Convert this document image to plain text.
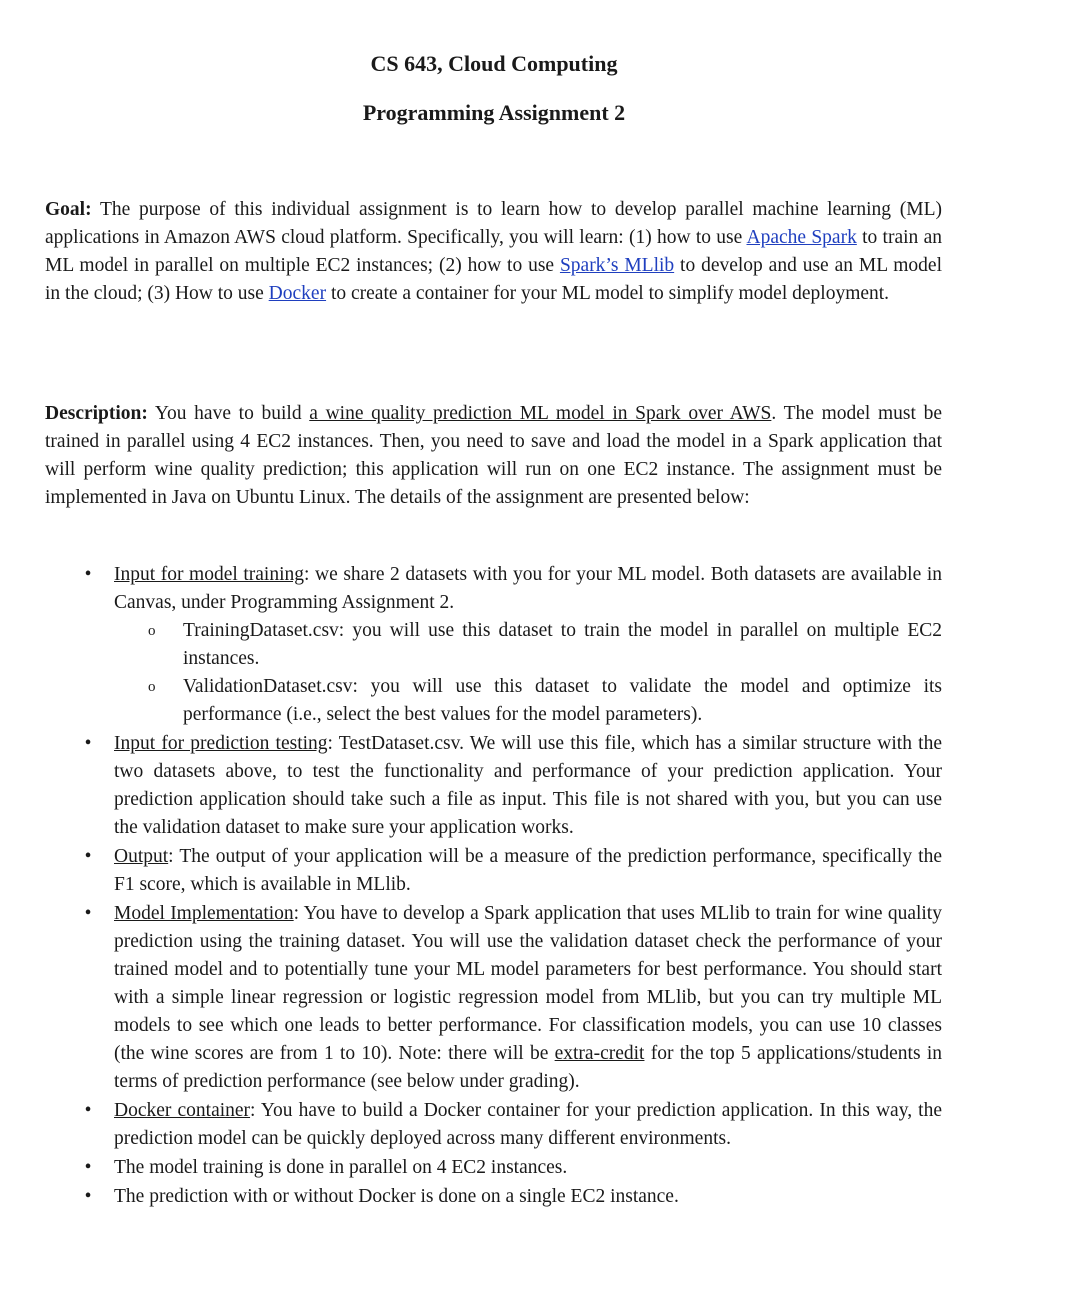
CS 643, Cloud Computing
Programming Assignment 2
Goal: The purpose of this individual assignment is to learn how to develop parallel machine learning (ML) applications in Amazon AWS cloud platform. Specifically, you will learn: (1) how to use Apache Spark to train an ML model in parallel on multiple EC2 instances; (2) how to use Spark’s MLlib to develop and use an ML model in the cloud; (3) How to use Docker to create a container for your ML model to simplify model deployment.
Description: You have to build a wine quality prediction ML model in Spark over AWS. The model must be trained in parallel using 4 EC2 instances. Then, you need to save and load the model in a Spark application that will perform wine quality prediction; this application will run on one EC2 instance. The assignment must be implemented in Java on Ubuntu Linux. The details of the assignment are presented below:
• Input for model training: we share 2 datasets with you for your ML model. Both datasets are available in Canvas, under Programming Assignment 2.
o TrainingDataset.csv: you will use this dataset to train the model in parallel on multiple EC2 instances.
o ValidationDataset.csv: you will use this dataset to validate the model and optimize its performance (i.e., select the best values for the model parameters).
• Input for prediction testing: TestDataset.csv. We will use this file, which has a similar structure with the two datasets above, to test the functionality and performance of your prediction application. Your prediction application should take such a file as input. This file is not shared with you, but you can use the validation dataset to make sure your application works.
• Output: The output of your application will be a measure of the prediction performance, specifically the F1 score, which is available in MLlib.
• Model Implementation: You have to develop a Spark application that uses MLlib to train for wine quality prediction using the training dataset. You will use the validation dataset check the performance of your trained model and to potentially tune your ML model parameters for best performance. You should start with a simple linear regression or logistic regression model from MLlib, but you can try multiple ML models to see which one leads to better performance. For classification models, you can use 10 classes (the wine scores are from 1 to 10). Note: there will be extra-credit for the top 5 applications/students in terms of prediction performance (see below under grading).
• Docker container: You have to build a Docker container for your prediction application. In this way, the prediction model can be quickly deployed across many different environments.
• The model training is done in parallel on 4 EC2 instances.
• The prediction with or without Docker is done on a single EC2 instance.
